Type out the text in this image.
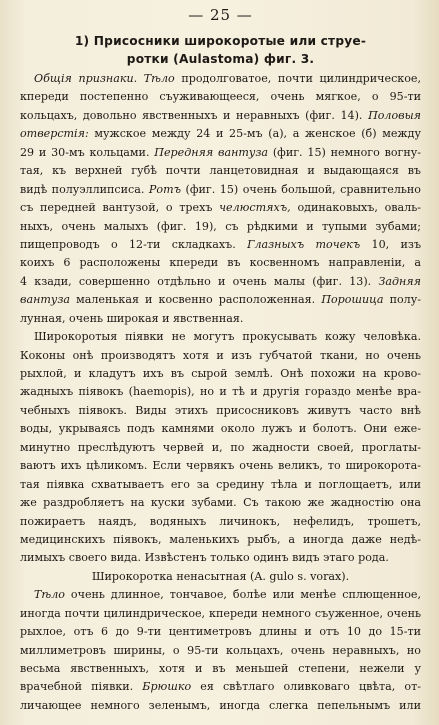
— 25 —
1) Присосники широкоротые или струе-
ротки (Aulastoma) фиг. 3.
Общія признаки. Тѣло продолговатое, почти цилиндрическое,
кпереди постепенно съуживающееся, очень мягкое, о 95-ти
кольцахъ, довольно явственныхъ и неравныхъ (фиг. 14). Половыя
отверстія: мужское между 24 и 25-мъ (а), а женское (б) между
29 и 30-мъ кольцами. Передняя вантуза (фиг. 15) немного вогну-
тая, къ верхней губѣ почти ланцетовидная и выдающаяся въ
видѣ полуэллипсиса. Ротъ (фиг. 15) очень большой, сравнительно
съ передней вантузой, о трехъ челюстяхъ, одинаковыхъ, оваль-
ныхъ, очень малыхъ (фиг. 19), съ рѣдкими и тупыми зубами;
пищепроводъ о 12-ти складкахъ. Глазныхъ точекъ 10, изъ
коихъ 6 расположены кпереди въ косвенномъ направленіи, а
4 кзади, совершенно отдѣльно и очень малы (фиг. 13). Задняя
вантуза маленькая и косвенно расположенная. Порошица полу-
лунная, очень широкая и явственная.
Широкоротыя піявки не могутъ прокусывать кожу человѣка.
Коконы онѣ производятъ хотя и изъ губчатой ткани, но очень
рыхлой, и кладутъ ихъ въ сырой землѣ. Онѣ похожи на крово-
жадныхъ піявокъ (haemopis), но и тѣ и другія гораздо менѣе вра-
чебныхъ піявокъ. Виды этихъ присосниковъ живутъ часто внѣ
воды, укрываясь подъ камнями около лужъ и болотъ. Они еже-
минутно преслѣдуютъ червей и, по жадности своей, проглаты-
ваютъ ихъ цѣликомъ. Если червякъ очень великъ, то широкорота-
тая піявка схватываетъ его за средину тѣла и поглощаетъ, или
же раздробляетъ на куски зубами. Съ такою же жадностію она
пожираетъ наядъ, водяныхъ личинокъ, нефелидъ, трошетъ,
медицинскихъ піявокъ, маленькихъ рыбъ, а иногда даже недѣ-
лимыхъ своего вида. Извѣстенъ только одинъ видъ этаго рода.
Широкоротка ненасытная (A. gulo s. vorax).
Тѣло очень длинное, тончавое, болѣе или менѣе сплющенное,
иногда почти цилиндрическое, кпереди немного съуженное, очень
рыхлое, отъ 6 до 9-ти центиметровъ длины и отъ 10 до 15-ти
миллиметровъ ширины, о 95-ти кольцахъ, очень неравныхъ, но
весьма явственныхъ, хотя и въ меньшей степени, нежели у
врачебной піявки. Брюшко ея свѣтлаго оливковаго цвѣта, от-
личающее немного зеленымъ, иногда слегка пепельнымъ или
